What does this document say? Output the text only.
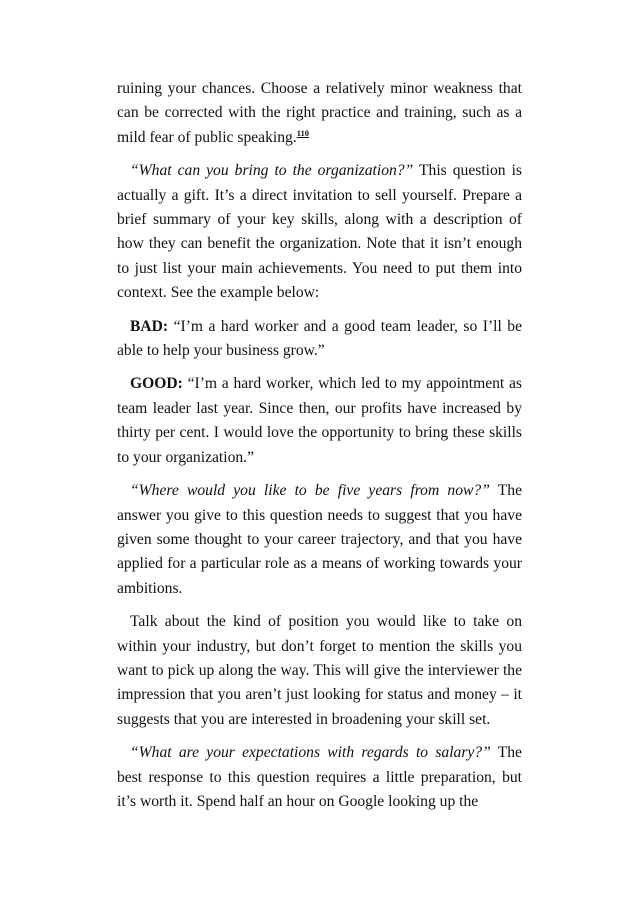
ruining your chances. Choose a relatively minor weakness that can be corrected with the right practice and training, such as a mild fear of public speaking.$^{110}$

“What can you bring to the organization?” This question is actually a gift. It’s a direct invitation to sell yourself. Prepare a brief summary of your key skills, along with a description of how they can benefit the organization. Note that it isn’t enough to just list your main achievements. You need to put them into context. See the example below:

BAD: “I’m a hard worker and a good team leader, so I’ll be able to help your business grow.”

GOOD: “I’m a hard worker, which led to my appointment as team leader last year. Since then, our profits have increased by thirty per cent. I would love the opportunity to bring these skills to your organization.”

“Where would you like to be five years from now?” The answer you give to this question needs to suggest that you have given some thought to your career trajectory, and that you have applied for a particular role as a means of working towards your ambitions.

Talk about the kind of position you would like to take on within your industry, but don’t forget to mention the skills you want to pick up along the way. This will give the interviewer the impression that you aren’t just looking for status and money – it suggests that you are interested in broadening your skill set.

“What are your expectations with regards to salary?” The best response to this question requires a little preparation, but it’s worth it. Spend half an hour on Google looking up the
